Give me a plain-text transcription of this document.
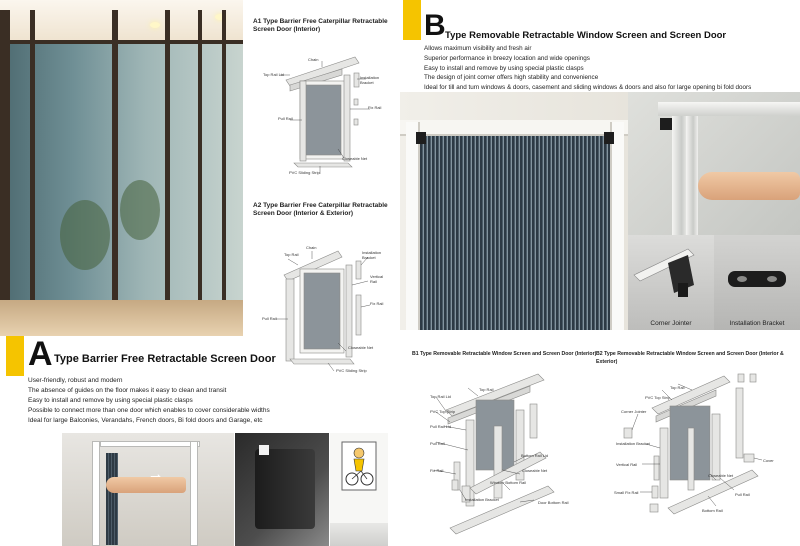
A1 Type Barrier Free Caterpillar Retractable Screen Door (Interior)
Chain
Top Rail Lid
Installation Bracket
Fix Rail
Pull Rail
Closeable Net
PVC Sliding Strip
A2 Type Barrier Free Caterpillar Retractable Screen Door (Interior & Exterior)
Chain
Top Rail	Installation Bracket
Vertical Rail
Fix Rail
Pull Rail
Closeable Net
PVC Sliding Strip
A Type Barrier Free Retractable Screen Door
User-friendly, robust and modern
The absence of guides on the floor makes it easy to clean and transit
Easy to install and remove by using special plastic clasps
Possible to connect more than one door which enables to cover considerable widths
Ideal for large Balconies, Verandahs, French doors, Bi fold doors and Garage, etc
B Type Removable Retractable Window Screen and Screen Door
Allows maximum visibility and fresh air
Superior performance in breezy location and wide openings
Easy to install and remove by using special plastic clasps
The design of joint corner offers high stability and convenience
Ideal for till and turn windows & doors, casement and sliding windows & doors and also for large opening bi fold doors
Corner Jointer	Installation Bracket
B1 Type Removable Retractable Window Screen and Screen Door (Interior)
Top Rail
Top Rail Lid
PVC Top Strip
Pull Rail Lid
Pull Rail
Fix Rail
Bottom Rail Lid
Closeable Net
Window Bottom Rail
Installation Bracket
Door Bottom Rail
B2 Type Removable Retractable Window Screen and Screen Door (Interior & Exterior)
Top Rail
PVC Top Strip
Corner Jointer
Installation Bracket
Vertical Rail
Cover
Closeable Net
Small Fix Rail	Pull Rail
Bottom Rail
